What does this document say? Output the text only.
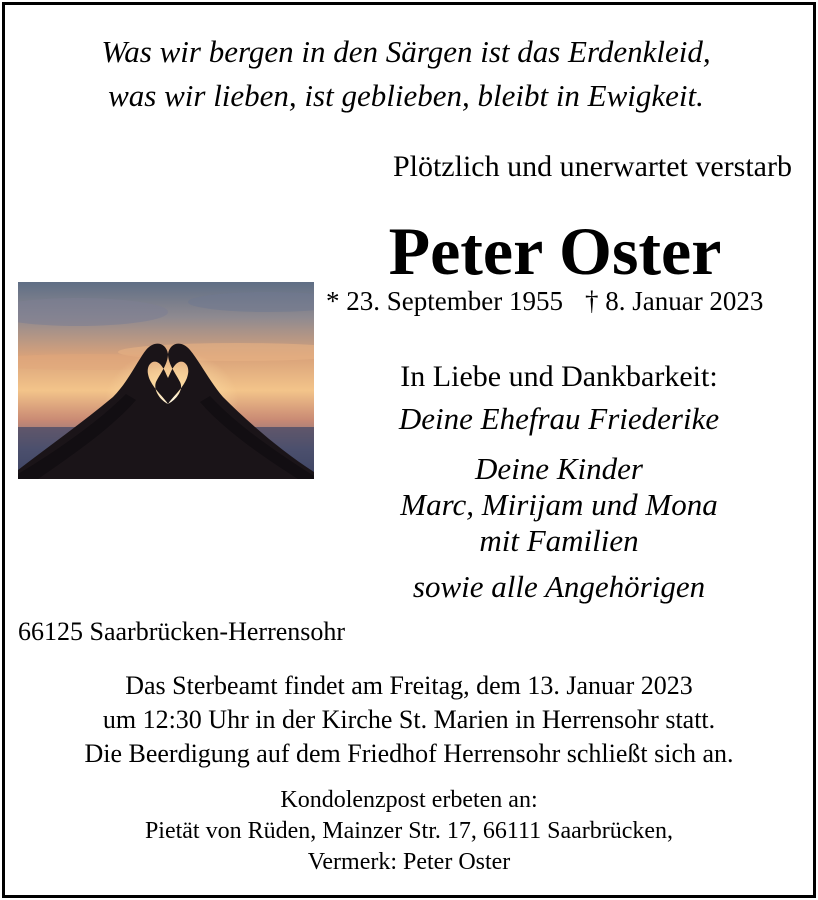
Was wir bergen in den Särgen ist das Erdenkleid,
was wir lieben, ist geblieben, bleibt in Ewigkeit.
Plötzlich und unerwartet verstarb
Peter Oster
* 23. September 1955 † 8. Januar 2023
In Liebe und Dankbarkeit:
Deine Ehefrau Friederike
Deine Kinder
Marc, Mirijam und Mona
mit Familien
sowie alle Angehörigen
66125 Saarbrücken-Herrensohr
Das Sterbeamt findet am Freitag, dem 13. Januar 2023
um 12:30 Uhr in der Kirche St. Marien in Herrensohr statt.
Die Beerdigung auf dem Friedhof Herrensohr schließt sich an.
Kondolenzpost erbeten an:
Pietät von Rüden, Mainzer Str. 17, 66111 Saarbrücken,
Vermerk: Peter Oster
